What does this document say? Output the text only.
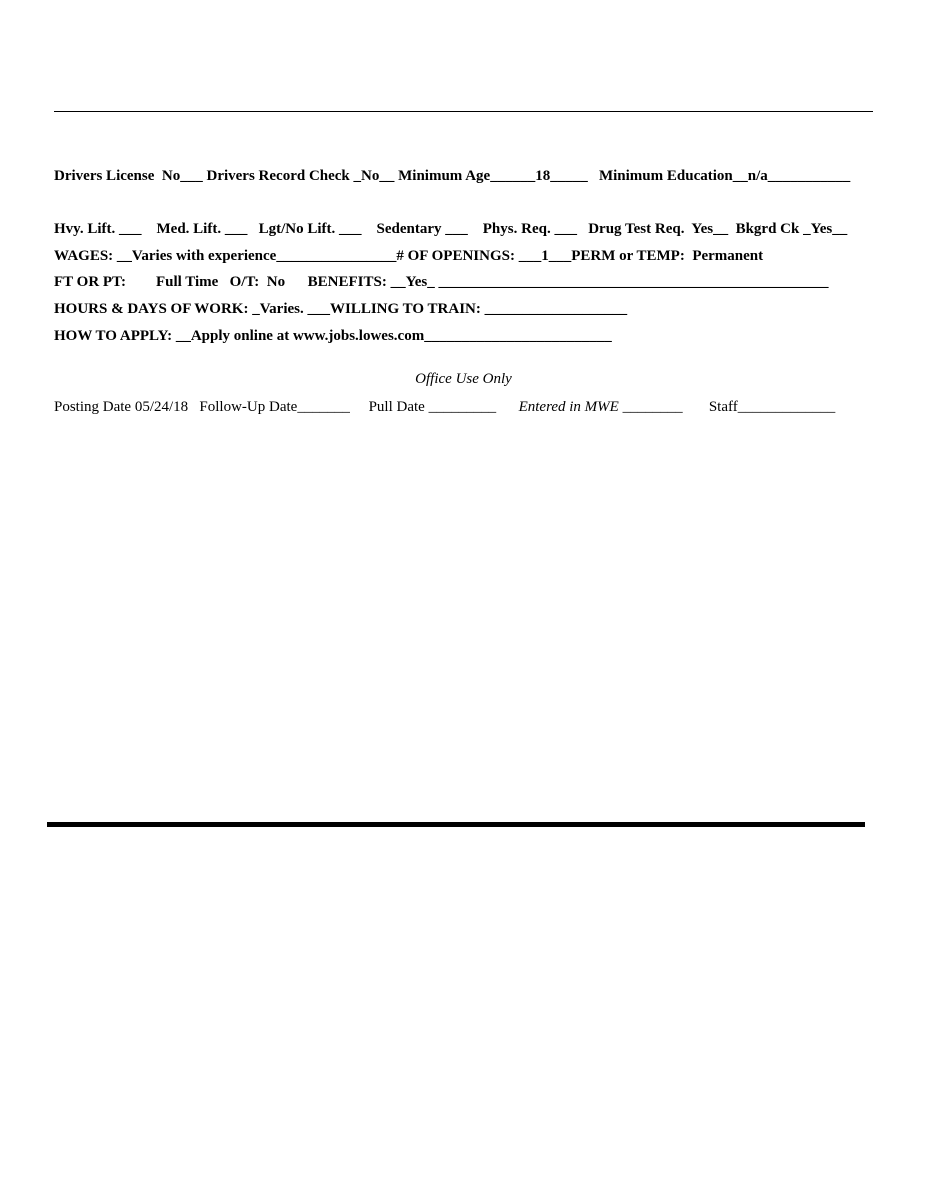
Drivers License No___ Drivers Record Check _No__ Minimum Age______18_____ Minimum Education__n/a___________
Hvy. Lift. ___ Med. Lift. ___ Lgt/No Lift. ___ Sedentary ___ Phys. Req. ___ Drug Test Req.  Yes__ Bkgrd Ck _Yes__
WAGES: __Varies with experience________________# OF OPENINGS: ___1___PERM or TEMP:  Permanent
FT OR PT: Full Time O/T:  No BENEFITS: __Yes_ ____________________________________________________
HOURS & DAYS OF WORK: _Varies. ___WILLING TO TRAIN: ___________________
HOW TO APPLY: __Apply online at www.jobs.lowes.com_________________________
Office Use Only
Posting Date 05/24/18 Follow-Up Date_______ Pull Date _________ Entered in MWE ________ Staff_____________
